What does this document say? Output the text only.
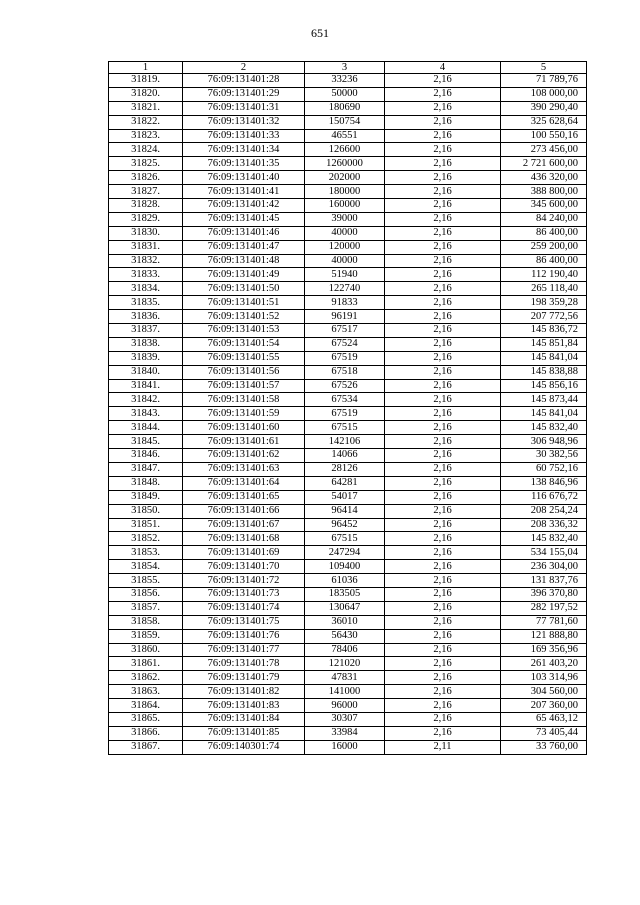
651
1	2	3	4	5
31819.	76:09:131401:28	33236	2,16	71 789,76
31820.	76:09:131401:29	50000	2,16	108 000,00
31821.	76:09:131401:31	180690	2,16	390 290,40
31822.	76:09:131401:32	150754	2,16	325 628,64
31823.	76:09:131401:33	46551	2,16	100 550,16
31824.	76:09:131401:34	126600	2,16	273 456,00
31825.	76:09:131401:35	1260000	2,16	2 721 600,00
31826.	76:09:131401:40	202000	2,16	436 320,00
31827.	76:09:131401:41	180000	2,16	388 800,00
31828.	76:09:131401:42	160000	2,16	345 600,00
31829.	76:09:131401:45	39000	2,16	84 240,00
31830.	76:09:131401:46	40000	2,16	86 400,00
31831.	76:09:131401:47	120000	2,16	259 200,00
31832.	76:09:131401:48	40000	2,16	86 400,00
31833.	76:09:131401:49	51940	2,16	112 190,40
31834.	76:09:131401:50	122740	2,16	265 118,40
31835.	76:09:131401:51	91833	2,16	198 359,28
31836.	76:09:131401:52	96191	2,16	207 772,56
31837.	76:09:131401:53	67517	2,16	145 836,72
31838.	76:09:131401:54	67524	2,16	145 851,84
31839.	76:09:131401:55	67519	2,16	145 841,04
31840.	76:09:131401:56	67518	2,16	145 838,88
31841.	76:09:131401:57	67526	2,16	145 856,16
31842.	76:09:131401:58	67534	2,16	145 873,44
31843.	76:09:131401:59	67519	2,16	145 841,04
31844.	76:09:131401:60	67515	2,16	145 832,40
31845.	76:09:131401:61	142106	2,16	306 948,96
31846.	76:09:131401:62	14066	2,16	30 382,56
31847.	76:09:131401:63	28126	2,16	60 752,16
31848.	76:09:131401:64	64281	2,16	138 846,96
31849.	76:09:131401:65	54017	2,16	116 676,72
31850.	76:09:131401:66	96414	2,16	208 254,24
31851.	76:09:131401:67	96452	2,16	208 336,32
31852.	76:09:131401:68	67515	2,16	145 832,40
31853.	76:09:131401:69	247294	2,16	534 155,04
31854.	76:09:131401:70	109400	2,16	236 304,00
31855.	76:09:131401:72	61036	2,16	131 837,76
31856.	76:09:131401:73	183505	2,16	396 370,80
31857.	76:09:131401:74	130647	2,16	282 197,52
31858.	76:09:131401:75	36010	2,16	77 781,60
31859.	76:09:131401:76	56430	2,16	121 888,80
31860.	76:09:131401:77	78406	2,16	169 356,96
31861.	76:09:131401:78	121020	2,16	261 403,20
31862.	76:09:131401:79	47831	2,16	103 314,96
31863.	76:09:131401:82	141000	2,16	304 560,00
31864.	76:09:131401:83	96000	2,16	207 360,00
31865.	76:09:131401:84	30307	2,16	65 463,12
31866.	76:09:131401:85	33984	2,16	73 405,44
31867.	76:09:140301:74	16000	2,11	33 760,00
